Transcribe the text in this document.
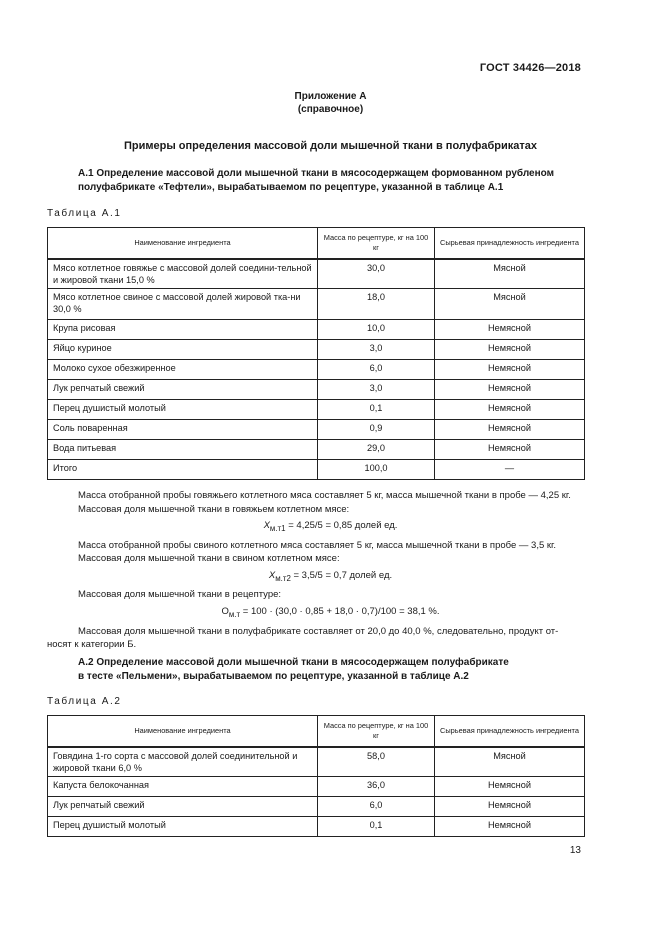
ГОСТ 34426—2018
Приложение А
(справочное)
Примеры определения массовой доли мышечной ткани в полуфабрикатах
А.1 Определение массовой доли мышечной ткани в мясосодержащем формованном рубленом полуфабрикате «Тефтели», вырабатываемом по рецептуре, указанной в таблице А.1
Таблица А.1
Наименование ингредиента	Масса по рецептуре, кг на 100 кг	Сырьевая принадлежность ингредиента
Мясо котлетное говяжье с массовой долей соедини-тельной и жировой ткани 15,0 %	30,0	Мясной
Мясо котлетное свиное с массовой долей жировой тка-ни 30,0 %	18,0	Мясной
Крупа рисовая	10,0	Немясной
Яйцо куриное	3,0	Немясной
Молоко сухое обезжиренное	6,0	Немясной
Лук репчатый свежий	3,0	Немясной
Перец душистый молотый	0,1	Немясной
Соль поваренная	0,9	Немясной
Вода питьевая	29,0	Немясной
Итого	100,0	—
Масса отобранной пробы говяжьего котлетного мяса составляет 5 кг, масса мышечной ткани в пробе — 4,25 кг.
Массовая доля мышечной ткани в говяжьем котлетном мясе:
$X_{м.т1} = 4,25/5 = 0,85$ долей ед.
Масса отобранной пробы свиного котлетного мяса составляет 5 кг, масса мышечной ткани в пробе — 3,5 кг.
Массовая доля мышечной ткани в свином котлетном мясе:
$X_{м.т2} = 3,5/5 = 0,7$ долей ед.
Массовая доля мышечной ткани в рецептуре:
$О_{м.т} = 100 \cdot (30,0 \cdot 0,85 + 18,0 \cdot 0,7)/100 = 38,1$ %.
Массовая доля мышечной ткани в полуфабрикате составляет от 20,0 до 40,0 %, следовательно, продукт от-
носят к категории Б.
А.2 Определение массовой доли мышечной ткани в мясосодержащем полуфабрикате
в тесте «Пельмени», вырабатываемом по рецептуре, указанной в таблице А.2
Таблица А.2
Наименование ингредиента	Масса по рецептуре, кг на 100 кг	Сырьевая принадлежность ингредиента
Говядина 1-го сорта с массовой долей соединительной и жировой ткани 6,0 %	58,0	Мясной
Капуста белокочанная	36,0	Немясной
Лук репчатый свежий	6,0	Немясной
Перец душистый молотый	0,1	Немясной
13
